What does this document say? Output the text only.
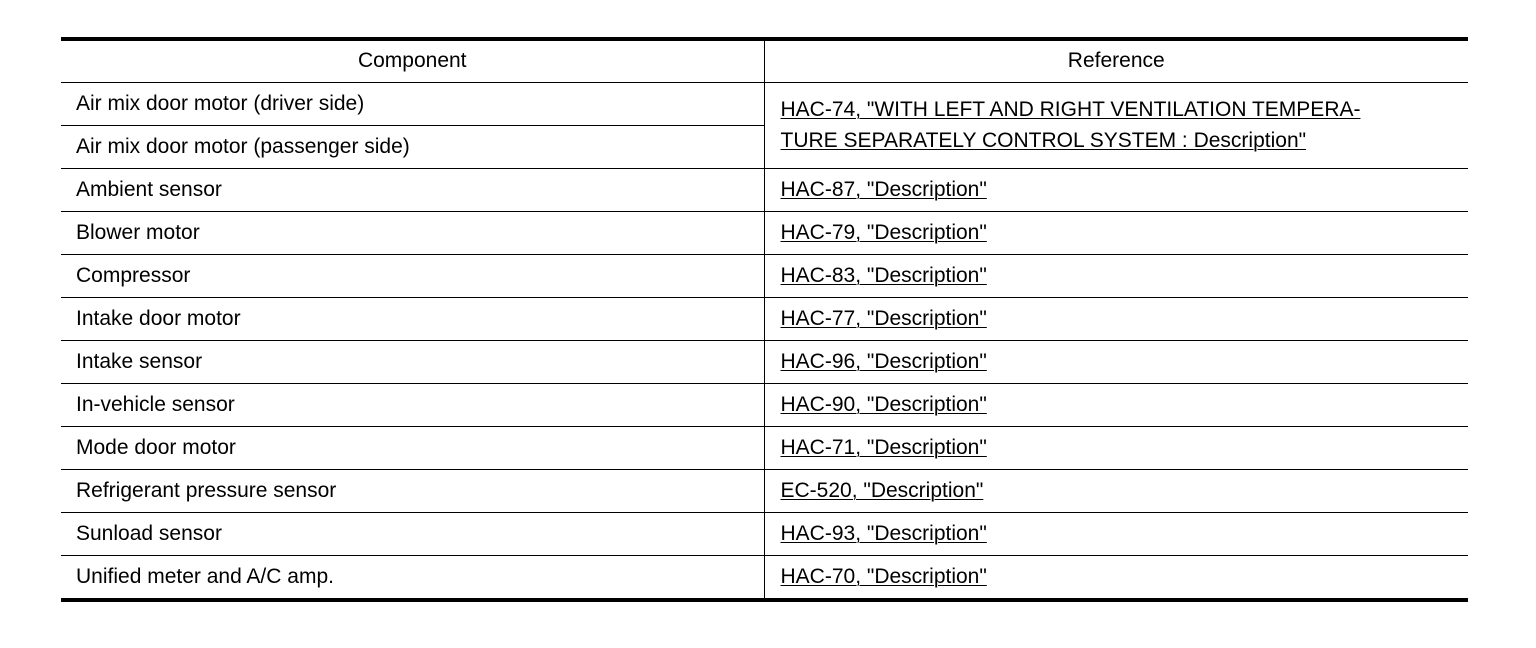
Component	Reference
Air mix door motor (driver side)	HAC-74, "WITH LEFT AND RIGHT VENTILATION TEMPERA-
TURE SEPARATELY CONTROL SYSTEM : Description"

Air mix door motor (passenger side)	
Ambient sensor	HAC-87, "Description"
Blower motor	HAC-79, "Description"
Compressor	HAC-83, "Description"
Intake door motor	HAC-77, "Description"
Intake sensor	HAC-96, "Description"
In-vehicle sensor	HAC-90, "Description"
Mode door motor	HAC-71, "Description"
Refrigerant pressure sensor	EC-520, "Description"
Sunload sensor	HAC-93, "Description"
Unified meter and A/C amp.	HAC-70, "Description"
